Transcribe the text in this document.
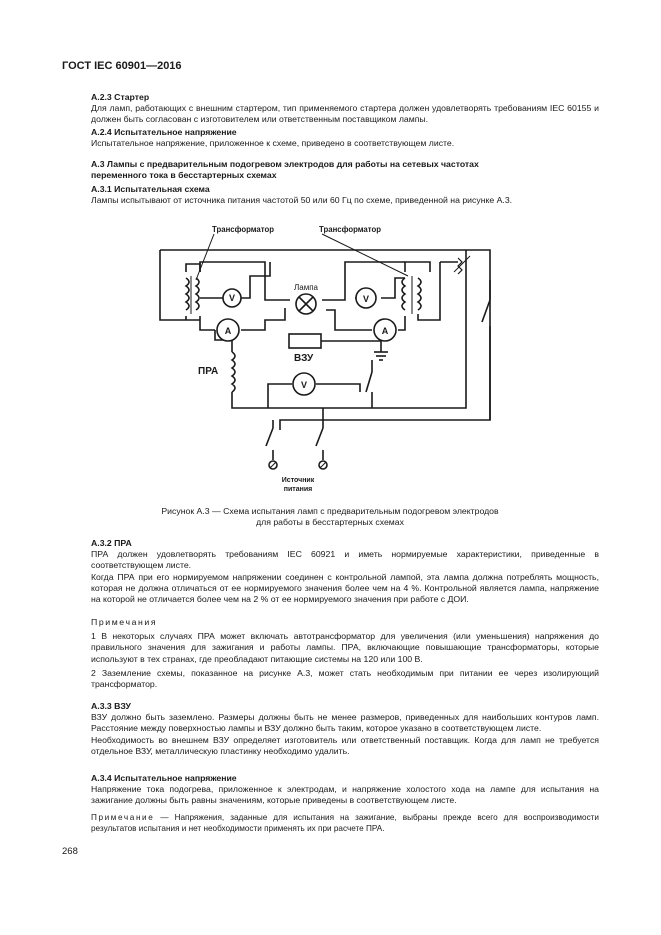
ГОСТ IEC 60901—2016

А.2.3 Стартер

Для ламп, работающих с внешним стартером, тип применяемого стартера должен удовлетворять требованиям IEC 60155 и должен быть согласован с изготовителем или ответственным поставщиком лампы.

А.2.4 Испытательное напряжение

Испытательное напряжение, приложенное к схеме, приведено в соответствующем листе.

А.3 Лампы с предварительным подогревом электродов для работы на сетевых частотах

переменного тока в бесстартерных схемах

А.3.1 Испытательная схема

Лампы испытывают от источника питания частотой 50 или 60 Гц по схеме, приведенной на рисунке А.3.

Трансформатор	Трансформатор
Лампа
ВЗУ
ПРА
Источник
питания
V
A
V
A
V

Рисунок А.3 — Схема испытания ламп с предварительным подогревом электродов

для работы в бесстартерных схемах

А.3.2 ПРА

ПРА должен удовлетворять требованиям IEC 60921 и иметь нормируемые характеристики, приведенные в соответствующем листе.

Когда ПРА при его нормируемом напряжении соединен с контрольной лампой, эта лампа должна потреблять мощность, которая не должна отличаться от ее нормируемого значения более чем на 4 %. Контрольной является лампа, напряжение на которой не отличается более чем на 2 % от ее нормируемого значения при работе с ДОИ.

Примечания

1 В некоторых случаях ПРА может включать автотрансформатор для увеличения (или уменьшения) напряжения до правильного значения для зажигания и работы лампы. ПРА, включающие повышающие трансформаторы, которые используют в тех странах, где преобладают питающие системы на 120 или 100 В.

2 Заземление схемы, показанное на рисунке А.3, может стать необходимым при питании ее через изолирующий трансформатор.

А.3.3 ВЗУ

ВЗУ должно быть заземлено. Размеры должны быть не менее размеров, приведенных для наибольших контуров ламп. Расстояние между поверхностью лампы и ВЗУ должно быть таким, которое указано в соответствующем листе.

Необходимость во внешнем ВЗУ определяет изготовитель или ответственный поставщик. Когда для ламп не требуется отдельное ВЗУ, металлическую пластинку необходимо удалить.

А.3.4 Испытательное напряжение

Напряжение тока подогрева, приложенное к электродам, и напряжение холостого хода на лампе для испытания на зажигание должны быть равны значениям, которые приведены в соответствующем листе.

Примечание — Напряжения, заданные для испытания на зажигание, выбраны прежде всего для воспроизводимости результатов испытания и нет необходимости применять их при расчете ПРА.

268
